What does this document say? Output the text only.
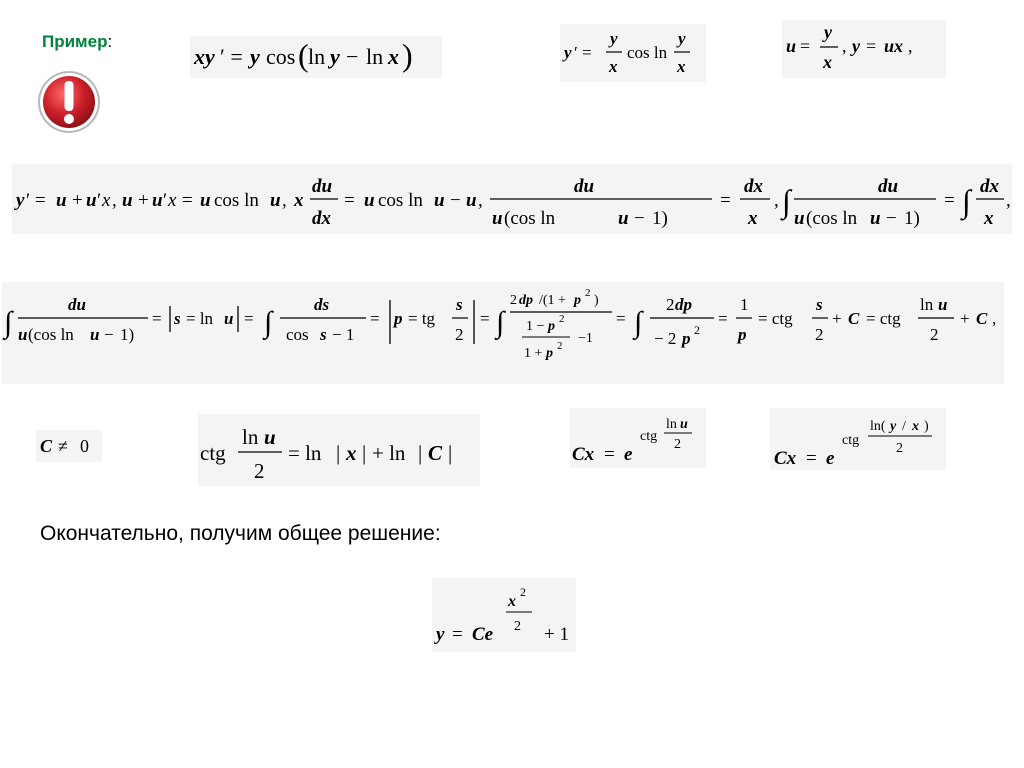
Пример:
xy ′ = y cos ( ln y − ln x )	y ′ =
y
x
cos ln
y
x
u =
y
x
, y = ux ,
y ′ = u + u ′ x , u + u ′ x = u cos ln u , x
du
dx
= u cos ln u − u ,
du
u (cos ln
	u − 1)
=
dx
x
, ∫	du
u (cos ln u − 1)
= ∫ dx
x
,
∫
du
u (cos ln u − 1)
= s = ln u = ∫
ds
cos s − 1
= p = tg
s
2
= ∫
2 dp /(1 + p 2 )
1 − p 2
1 + p 2 −1
= ∫
2 dp
− 2 p 2
=
1
p
= ctg
s
2
+ C = ctg
ln u
2
+ C ,
C ≠ 0	ctg
ln u
2
= ln | x | + ln | C |	Cx = e
ctg
ln u
2
Cx = e
ctg
ln( y / x )
2
Окончательно, получим общее решение:
y = Ce
x
2
2 + 1
